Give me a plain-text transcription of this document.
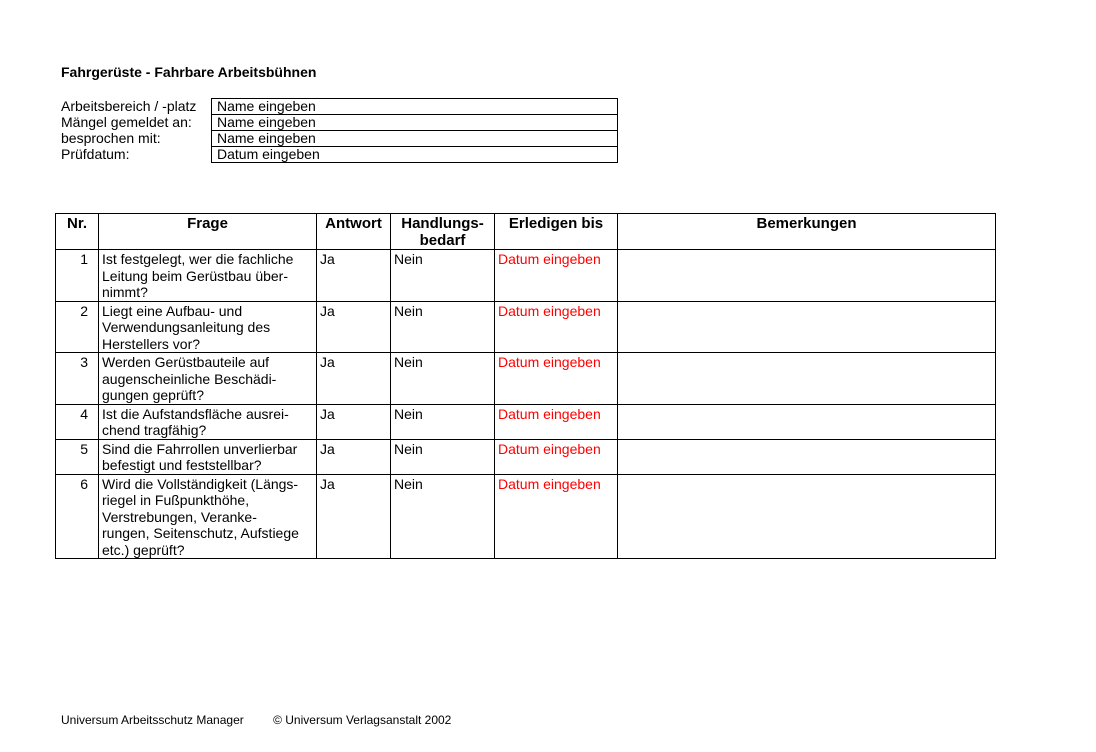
Fahrgerüste - Fahrbare Arbeitsbühnen
Arbeitsbereich / -platz	Name eingeben
Mängel gemeldet an:	Name eingeben
besprochen mit:	Name eingeben
Prüfdatum:	Datum eingeben
Nr.	Frage	Antwort	Handlungs-
bedarf	Erledigen bis	Bemerkungen
1	Ist festgelegt, wer die fachliche
Leitung beim Gerüstbau über-
nimmt?	Ja	Nein	Datum eingeben	
2	Liegt eine Aufbau- und
Verwendungsanleitung des
Herstellers vor?	Ja	Nein	Datum eingeben	
3	Werden Gerüstbauteile auf
augenscheinliche Beschädi-
gungen geprüft?	Ja	Nein	Datum eingeben	
4	Ist die Aufstandsfläche ausrei-
chend tragfähig?	Ja	Nein	Datum eingeben	
5	Sind die Fahrrollen unverlierbar
befestigt und feststellbar?	Ja	Nein	Datum eingeben	
6	Wird die Vollständigkeit (Längs-
riegel in Fußpunkthöhe,
Verstrebungen, Veranke-
rungen, Seitenschutz, Aufstiege
etc.) geprüft?	Ja	Nein	Datum eingeben	
Universum Arbeitsschutz Manager © Universum Verlagsanstalt 2002
